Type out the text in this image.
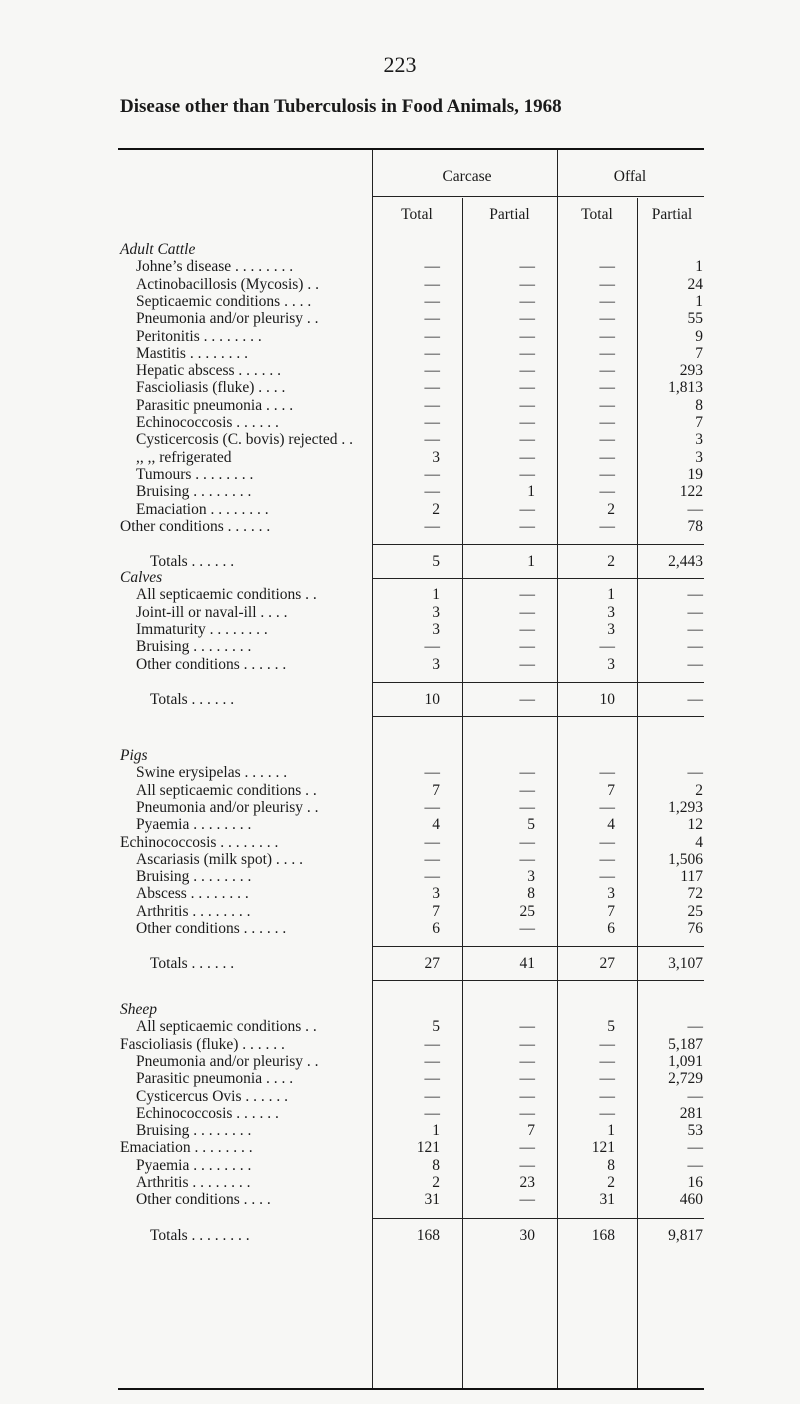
223
Disease other than Tuberculosis in Food Animals, 1968
Carcase	Offal
Total	Partial	Total	Partial
Adult Cattle
Johne’s disease . . . . . . . .	—	—	—	1
Actinobacillosis (Mycosis) . .	—	—	—	24
Septicaemic conditions . . . .	—	—	—	1
Pneumonia and/or pleurisy . .	—	—	—	55
Peritonitis . . . . . . . .	—	—	—	9
Mastitis . . . . . . . .	—	—	—	7
Hepatic abscess . . . . . .	—	—	—	293
Fascioliasis (fluke) . . . .	—	—	—	1,813
Parasitic pneumonia . . . .	—	—	—	8
Echinococcosis . . . . . .	—	—	—	7
Cysticercosis (C. bovis) rejected . .	—	—	—	3
,, ,, refrigerated	3	—	—	3
Tumours . . . . . . . .	—	—	—	19
Bruising . . . . . . . .	—	1	—	122
Emaciation . . . . . . . .	2	—	2	—
Other conditions . . . . . .	—	—	—	78
Totals . . . . . .	5	1	2	2,443
Calves
All septicaemic conditions . .	1	—	1	—
Joint-ill or naval-ill . . . .	3	—	3	—
Immaturity . . . . . . . .	3	—	3	—
Bruising . . . . . . . .	—	—	—	—
Other conditions . . . . . .	3	—	3	—
Totals . . . . . .	10	—	10	—
Pigs
Swine erysipelas . . . . . .	—	—	—	—
All septicaemic conditions . .	7	—	7	2
Pneumonia and/or pleurisy . .	—	—	—	1,293
Pyaemia . . . . . . . .	4	5	4	12
Echinococcosis . . . . . . . .	—	—	—	4
Ascariasis (milk spot) . . . .	—	—	—	1,506
Bruising . . . . . . . .	—	3	—	117
Abscess . . . . . . . .	3	8	3	72
Arthritis . . . . . . . .	7	25	7	25
Other conditions . . . . . .	6	—	6	76
Totals . . . . . .	27	41	27	3,107
Sheep
All septicaemic conditions . .	5	—	5	—
Fascioliasis (fluke) . . . . . .	—	—	—	5,187
Pneumonia and/or pleurisy . .	—	—	—	1,091
Parasitic pneumonia . . . .	—	—	—	2,729
Cysticercus Ovis . . . . . .	—	—	—	—
Echinococcosis . . . . . .	—	—	—	281
Bruising . . . . . . . .	1	7	1	53
Emaciation . . . . . . . .	121	—	121	—
Pyaemia . . . . . . . .	8	—	8	—
Arthritis . . . . . . . .	2	23	2	16
Other conditions . . . .	31	—	31	460
Totals . . . . . . . .	168	30	168	9,817
